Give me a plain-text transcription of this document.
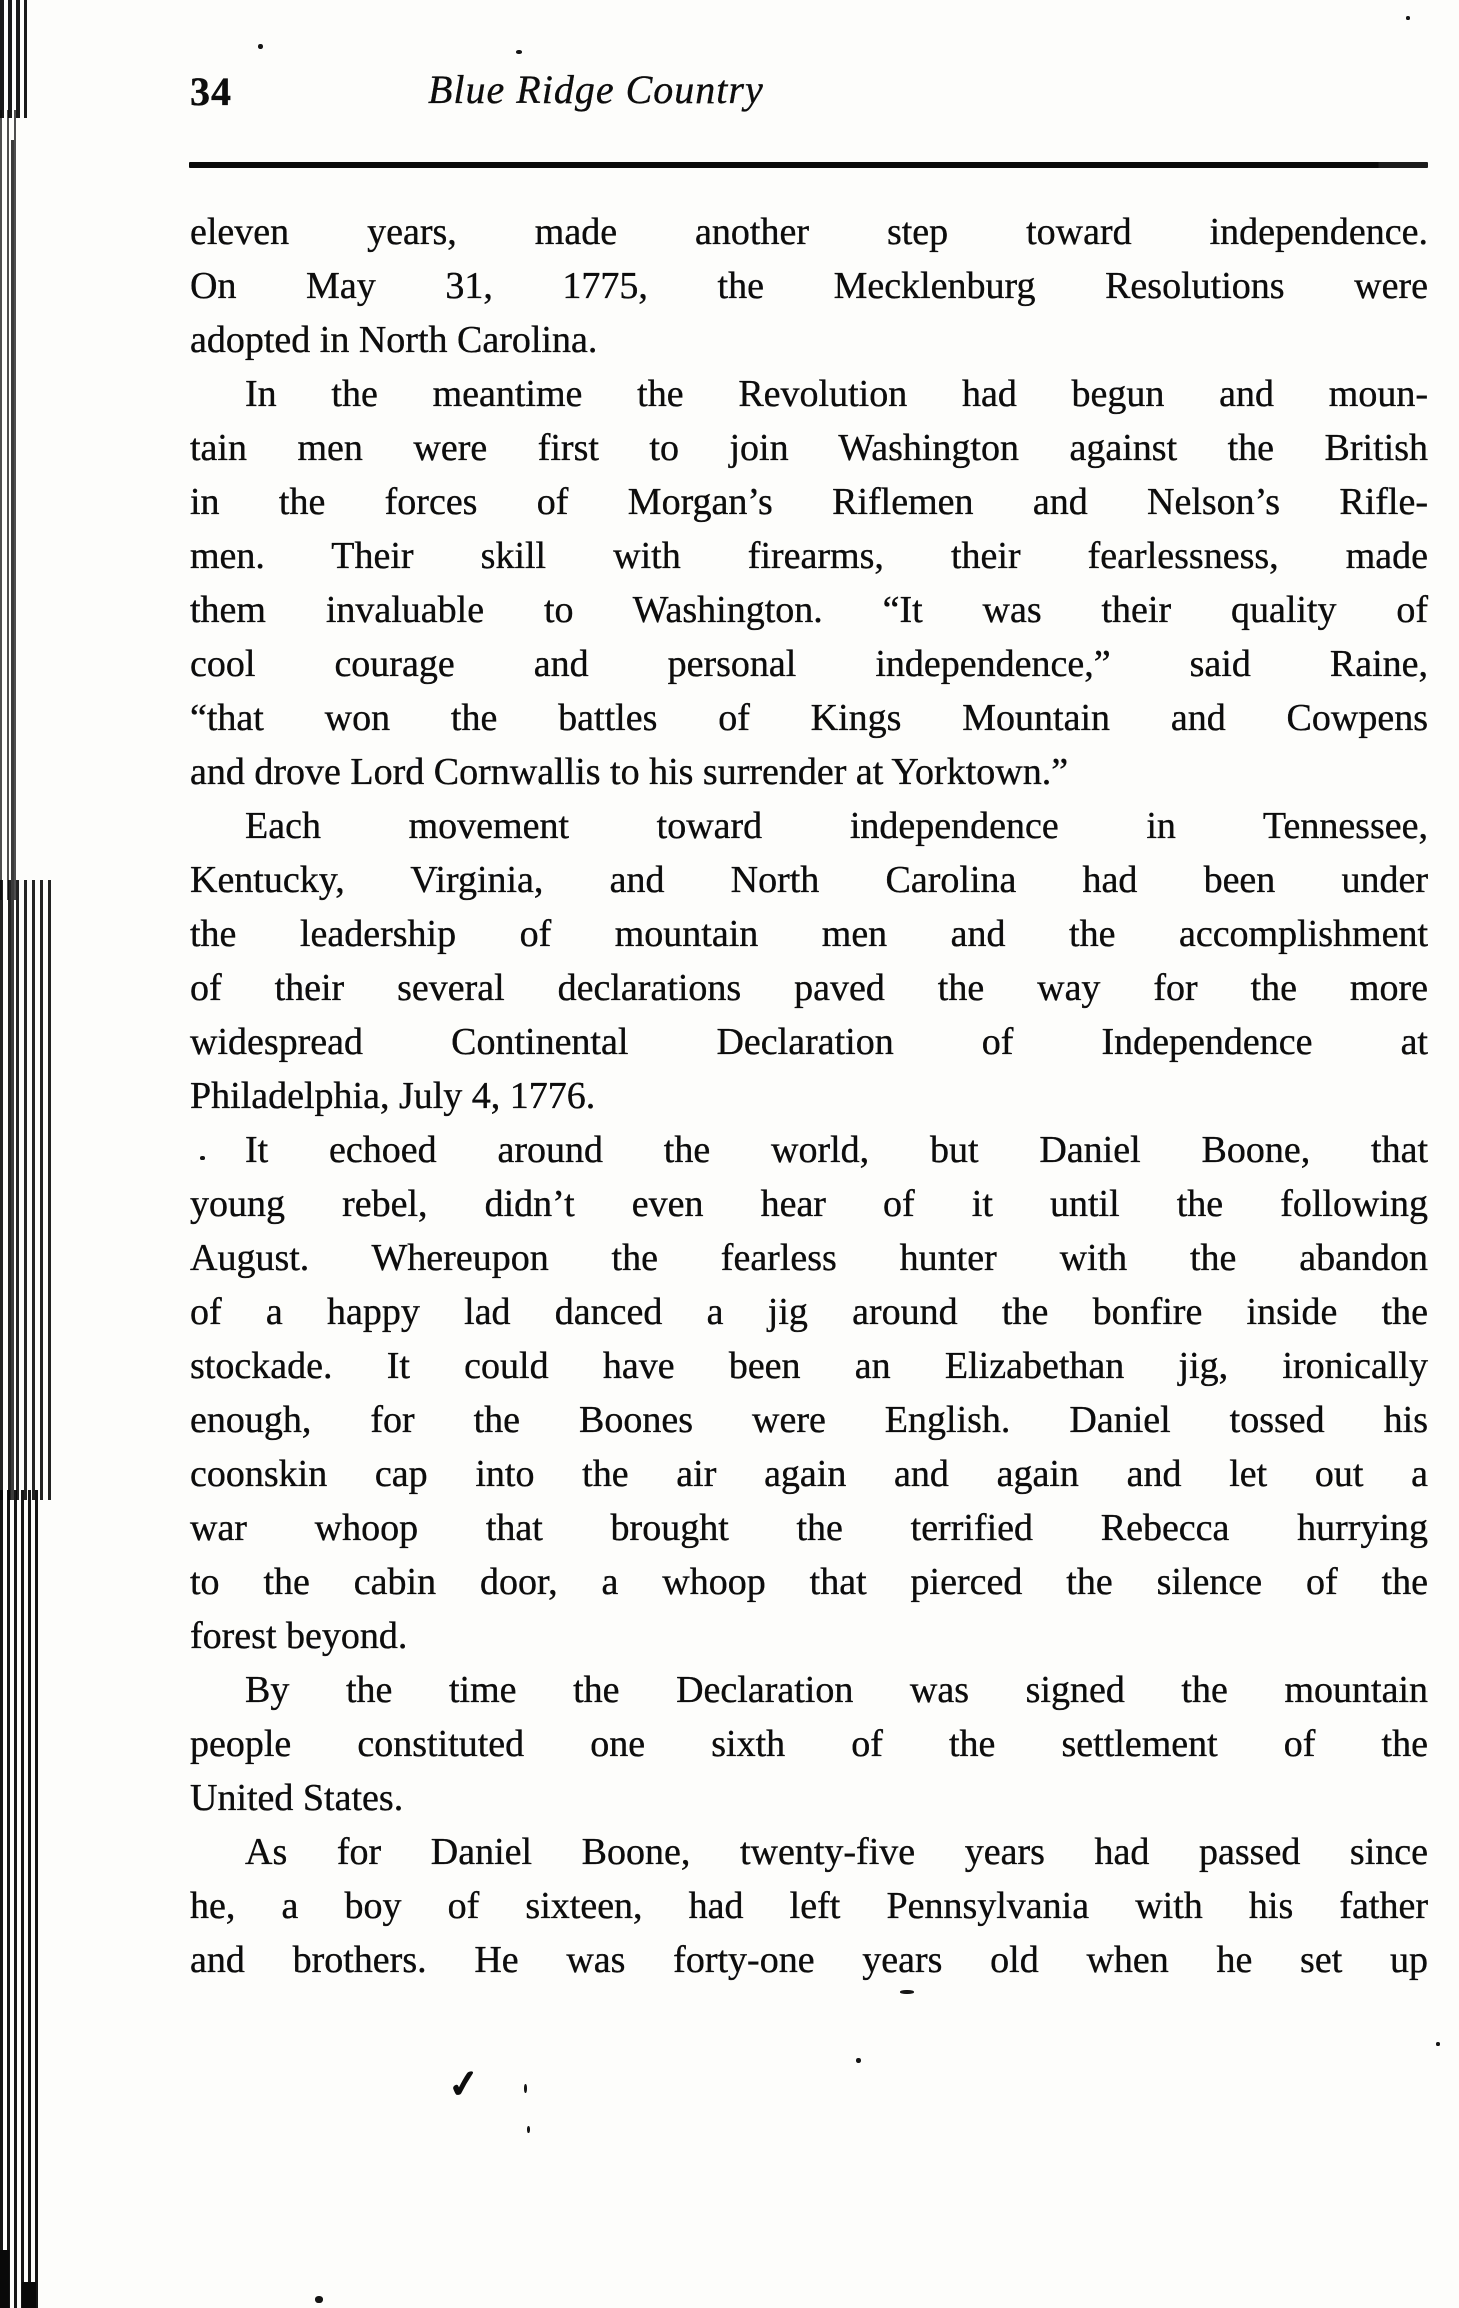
34	Blue Ridge Country
eleven years, made another step toward independence.
On May 31, 1775, the Mecklenburg Resolutions were
adopted in North Carolina.
In the meantime the Revolution had begun and moun-
tain men were first to join Washington against the British
in the forces of Morgan’s Riflemen and Nelson’s Rifle-
men. Their skill with firearms, their fearlessness, made
them invaluable to Washington. “It was their quality of
cool courage and personal independence,” said Raine,
“that won the battles of Kings Mountain and Cowpens
and drove Lord Cornwallis to his surrender at Yorktown.”
Each movement toward independence in Tennessee,
Kentucky, Virginia, and North Carolina had been under
the leadership of mountain men and the accomplishment
of their several declarations paved the way for the more
widespread Continental Declaration of Independence at
Philadelphia, July 4, 1776.
It echoed around the world, but Daniel Boone, that
young rebel, didn’t even hear of it until the following
August. Whereupon the fearless hunter with the abandon
of a happy lad danced a jig around the bonfire inside the
stockade. It could have been an Elizabethan jig, ironically
enough, for the Boones were English. Daniel tossed his
coonskin cap into the air again and again and let out a
war whoop that brought the terrified Rebecca hurrying
to the cabin door, a whoop that pierced the silence of the
forest beyond.
By the time the Declaration was signed the mountain
people constituted one sixth of the settlement of the
United States.
As for Daniel Boone, twenty-five years had passed since
he, a boy of sixteen, had left Pennsylvania with his father
and brothers. He was forty-one years old when he set up
✓
